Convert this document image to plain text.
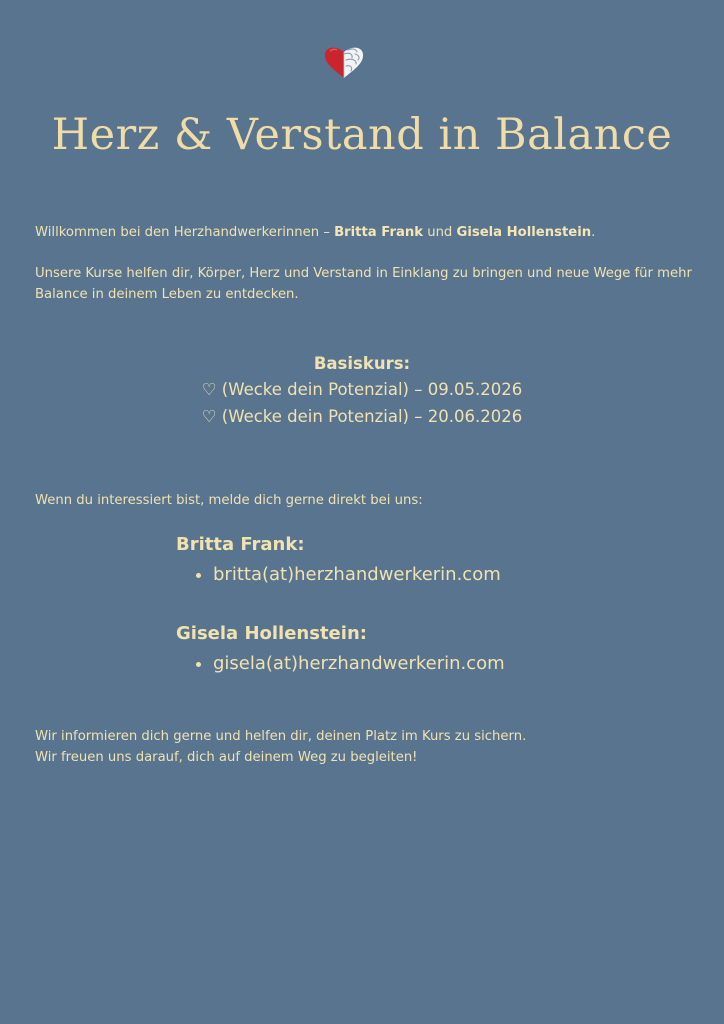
Herz & Verstand in Balance

Willkommen bei den Herzhandwerkerinnen – Britta Frank und Gisela Hollenstein.

Unsere Kurse helfen dir, Körper, Herz und Verstand in Einklang zu bringen und neue Wege für mehr Balance in deinem Leben zu entdecken.

Basiskurs:

♡ (Wecke dein Potenzial) – 09.05.2026

♡ (Wecke dein Potenzial) – 20.06.2026

Wenn du interessiert bist, melde dich gerne direkt bei uns:

Britta Frank:

• britta(at)herzhandwerkerin.com

Gisela Hollenstein:

• gisela(at)herzhandwerkerin.com

Wir informieren dich gerne und helfen dir, deinen Platz im Kurs zu sichern.
Wir freuen uns darauf, dich auf deinem Weg zu begleiten!
